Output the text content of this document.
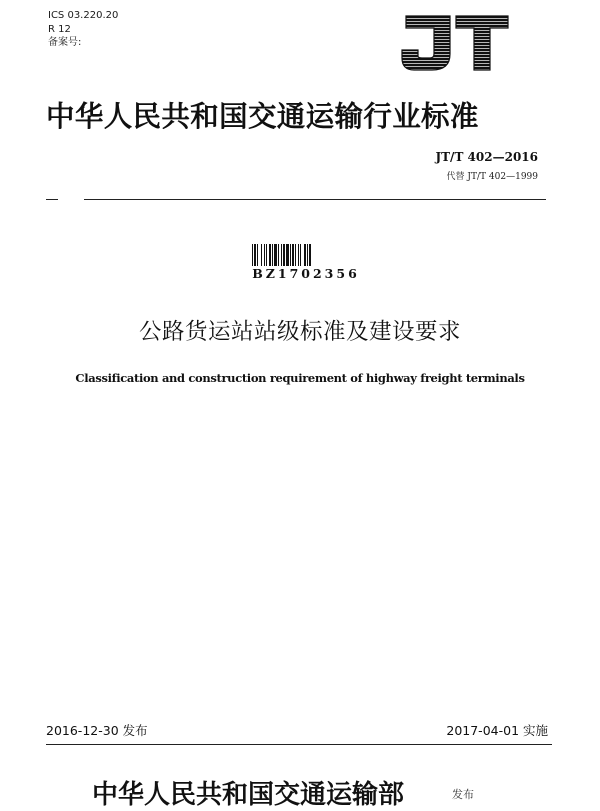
ICS 03.220.20
R 12
备案号:
中华人民共和国交通运输行业标准
JT/T 402—2016
代替 JT/T 402—1999
BZ1702356
公路货运站站级标准及建设要求
Classification and construction requirement of highway freight terminals
2016-12-30 发布	2017-04-01 实施
中华人民共和国交通运输部	发布
